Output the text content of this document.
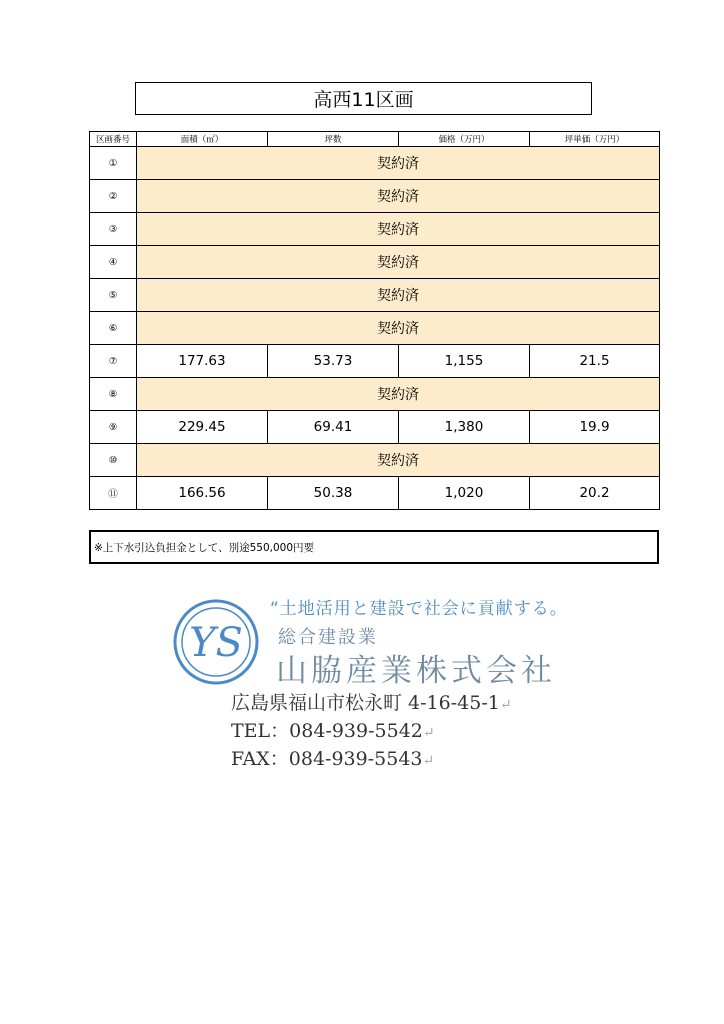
高西11区画
区画番号	面積（㎡）	坪数	価格（万円）	坪単価（万円）
①	契約済			
②	契約済			
③	契約済			
④	契約済			
⑤	契約済			
⑥	契約済			
⑦	177.63	53.73	1,155	21.5
⑧	契約済			
⑨	229.45	69.41	1,380	19.9
⑩	契約済			
⑪	166.56	50.38	1,020	20.2
※上下水引込負担金として、別途550,000円要
YS
“土地活用と建設で社会に貢献する。
総合建設業
山脇産業株式会社
広島県福山市松永町 4-16-45-1↵
TEL：084-939-5542↵
FAX：084-939-5543↵
